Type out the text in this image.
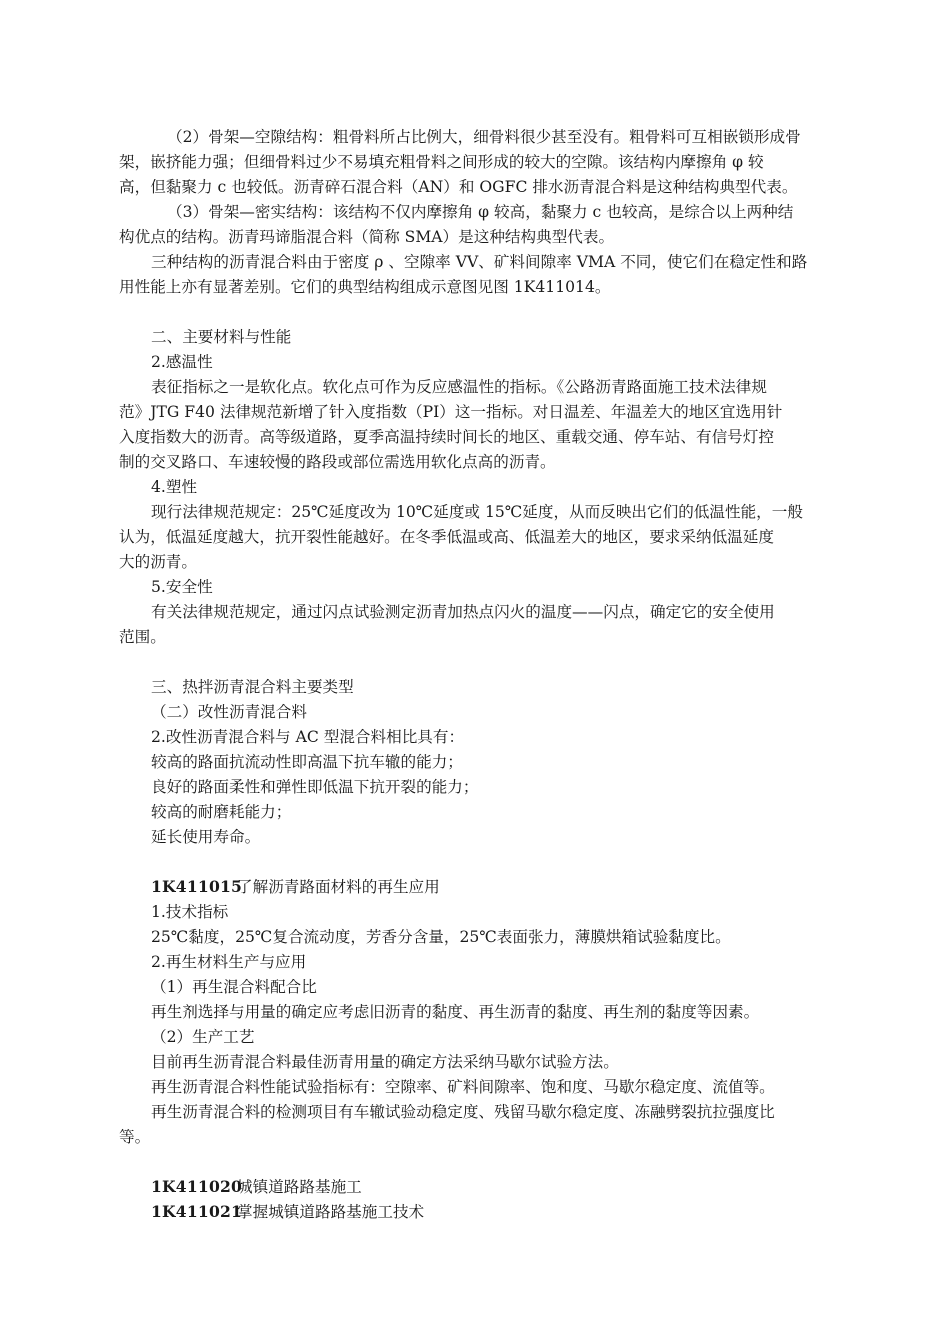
（2）骨架—空隙结构：粗骨料所占比例大，细骨料很少甚至没有。粗骨料可互相嵌锁形成骨
架，嵌挤能力强；但细骨料过少不易填充粗骨料之间形成的较大的空隙。该结构内摩擦角 φ 较
高，但黏聚力 c 也较低。沥青碎石混合料（AN）和 OGFC 排水沥青混合料是这种结构典型代表。
（3）骨架—密实结构：该结构不仅内摩擦角 φ 较高，黏聚力 c 也较高，是综合以上两种结
构优点的结构。沥青玛谛脂混合料（简称 SMA）是这种结构典型代表。
三种结构的沥青混合料由于密度 ρ 、空隙率 VV、矿料间隙率 VMA 不同，使它们在稳定性和路
用性能上亦有显著差别。它们的典型结构组成示意图见图 1K411014。
二、主要材料与性能
2.感温性
表征指标之一是软化点。软化点可作为反应感温性的指标。《公路沥青路面施工技术法律规
范》JTG F40 法律规范新增了针入度指数（PI）这一指标。对日温差、年温差大的地区宜选用针
入度指数大的沥青。高等级道路，夏季高温持续时间长的地区、重载交通、停车站、有信号灯控
制的交叉路口、车速较慢的路段或部位需选用软化点高的沥青。
4.塑性
现行法律规范规定：25℃延度改为 10℃延度或 15℃延度，从而反映出它们的低温性能，一般
认为，低温延度越大，抗开裂性能越好。在冬季低温或高、低温差大的地区，要求采纳低温延度
大的沥青。
5.安全性
有关法律规范规定，通过闪点试验测定沥青加热点闪火的温度——闪点，确定它的安全使用
范围。
三、热拌沥青混合料主要类型
（二）改性沥青混合料
2.改性沥青混合料与 AC 型混合料相比具有：
较高的路面抗流动性即高温下抗车辙的能力；
良好的路面柔性和弹性即低温下抗开裂的能力；
较高的耐磨耗能力；
延长使用寿命。
1K411015
了解沥青路面材料的再生应用
1.技术指标
25℃黏度，25℃复合流动度，芳香分含量，25℃表面张力，薄膜烘箱试验黏度比。
2.再生材料生产与应用
（1）再生混合料配合比
再生剂选择与用量的确定应考虑旧沥青的黏度、再生沥青的黏度、再生剂的黏度等因素。
（2）生产工艺
目前再生沥青混合料最佳沥青用量的确定方法采纳马歇尔试验方法。
再生沥青混合料性能试验指标有：空隙率、矿料间隙率、饱和度、马歇尔稳定度、流值等。
再生沥青混合料的检测项目有车辙试验动稳定度、残留马歇尔稳定度、冻融劈裂抗拉强度比
等。
1K411020
城镇道路路基施工
1K411021
掌握城镇道路路基施工技术
